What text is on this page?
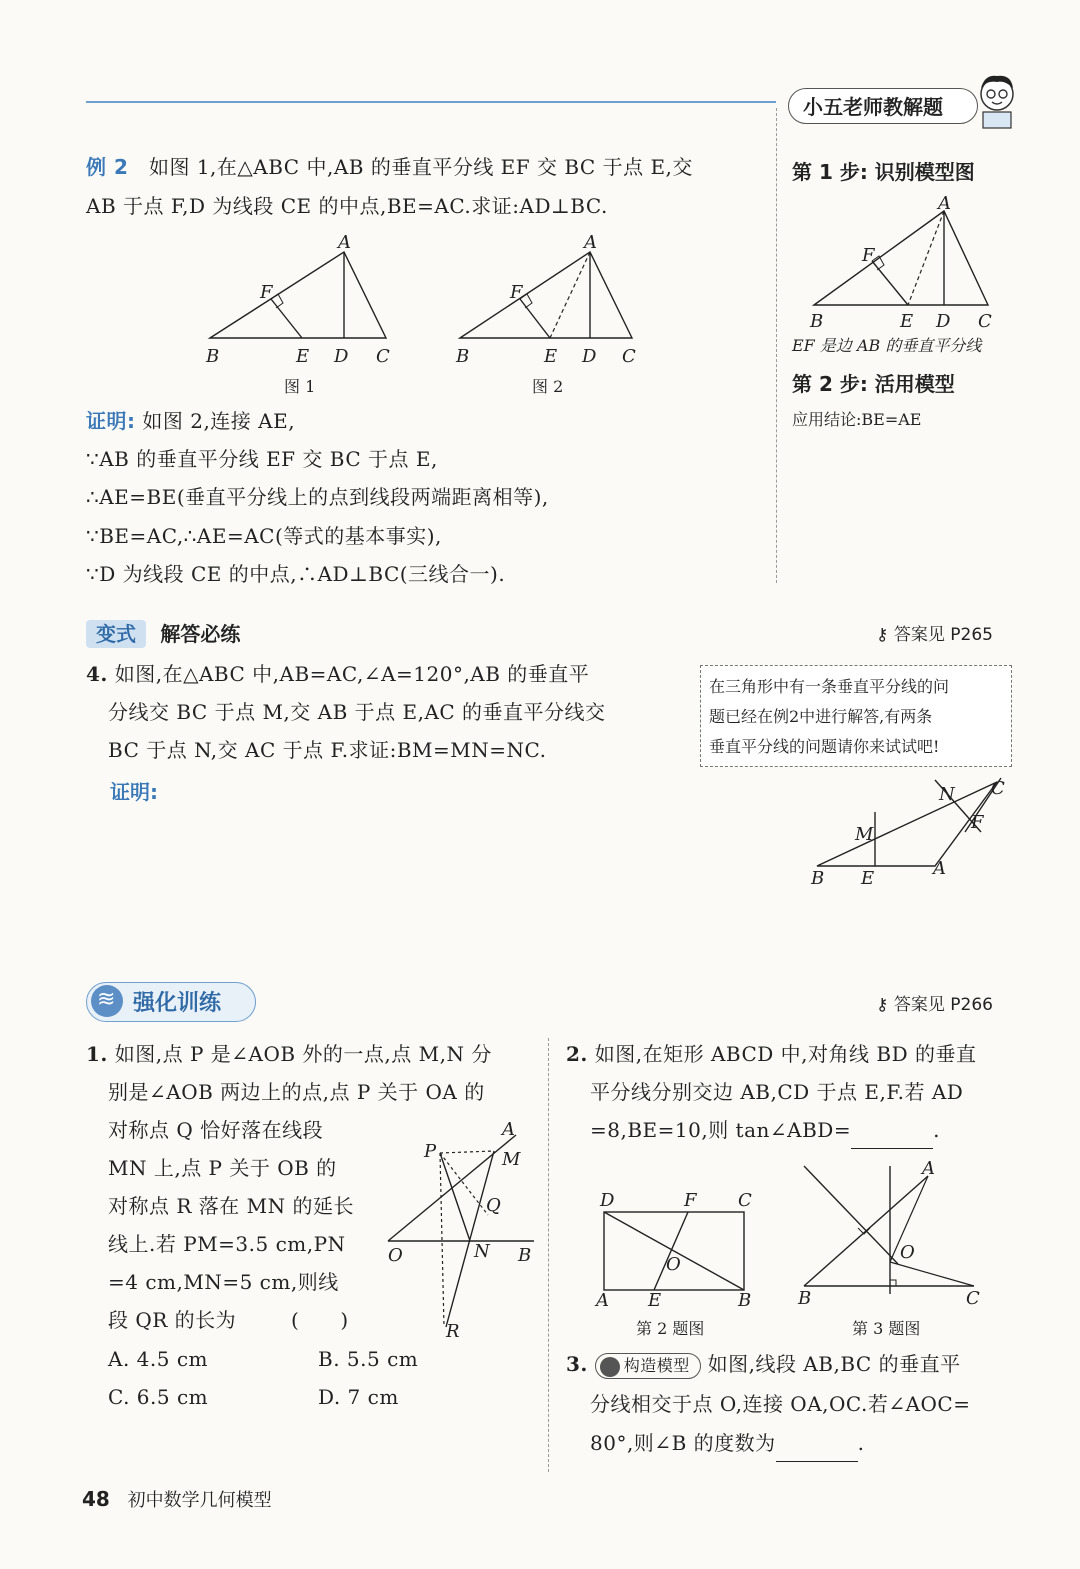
小五老师教解题
例 2 如图 1,在△ABC 中,AB 的垂直平分线 EF 交 BC 于点 E,交
AB 于点 F,D 为线段 CE 的中点,BE=AC.求证:AD⊥BC.
A
F
B	E D C
图 1
A
F
B	E D C
图 2
证明: 如图 2,连接 AE,
∵AB 的垂直平分线 EF 交 BC 于点 E,
∴AE=BE(垂直平分线上的点到线段两端距离相等),
∵BE=AC,∴AE=AC(等式的基本事实),
∵D 为线段 CE 的中点,∴AD⊥BC(三线合一).
第 1 步: 识别模型图
A
F
B	E D C
EF 是边 AB 的垂直平分线
第 2 步: 活用模型
应用结论:BE=AE
变式 解答必练	⚷ 答案见 P265
4. 如图,在△ABC 中,AB=AC,∠A=120°,AB 的垂直平
分线交 BC 于点 M,交 AB 于点 E,AC 的垂直平分线交
BC 于点 N,交 AC 于点 F.求证:BM=MN=NC.
证明:
在三角形中有一条垂直平分线的问
题已经在例2中进行解答,有两条
垂直平分线的问题请你来试试吧!
C
N
F
M
B E	A
≋ 强化训练	⚷ 答案见 P266
1. 如图,点 P 是∠AOB 外的一点,点 M,N 分
别是∠AOB 两边上的点,点 P 关于 OA 的
对称点 Q 恰好落在线段
MN 上,点 P 关于 OB 的
对称点 R 落在 MN 的延长
线上.若 PM=3.5 cm,PN
=4 cm,MN=5 cm,则线
段 QR 的长为	(　　)
A. 4.5 cm	B. 5.5 cm
C. 6.5 cm	D. 7 cm
P
A
M
Q
O	N B
R
2. 如图,在矩形 ABCD 中,对角线 BD 的垂直
平分线分别交边 AB,CD 于点 E,F.若 AD
=8,BE=10,则 tan∠ABD=	.
D	F C
O
A E	B
第 2 题图
A
O
B	C
第 3 题图
3. 构造模型 如图,线段 AB,BC 的垂直平
分线相交于点 O,连接 OA,OC.若∠AOC=
80°,则∠B 的度数为	.
48 初中数学几何模型
